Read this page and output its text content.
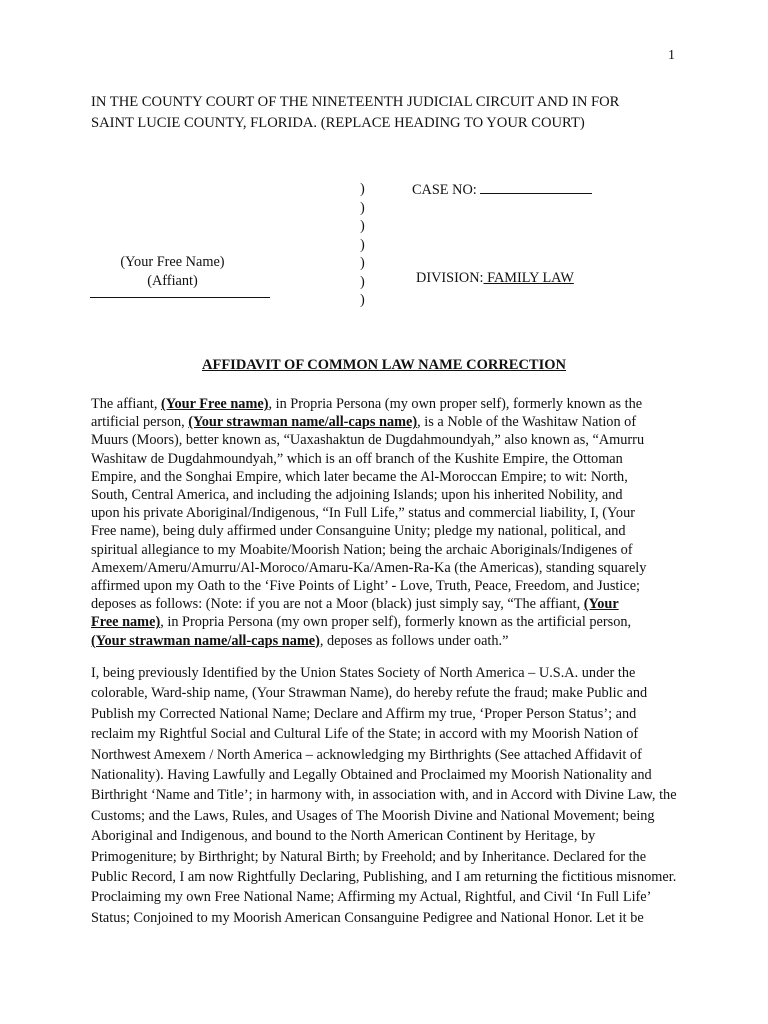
1
IN THE COUNTY COURT OF THE NINETEENTH JUDICIAL CIRCUIT AND IN FOR
SAINT LUCIE COUNTY, FLORIDA. (REPLACE HEADING TO YOUR COURT)
)
)
)
)
)
)
)
(Your Free Name)
(Affiant)
CASE NO:
DIVISION: FAMILY LAW
AFFIDAVIT OF COMMON LAW NAME CORRECTION
The affiant, (Your Free name), in Propria Persona (my own proper self), formerly known as the
artificial person, (Your strawman name/all-caps name), is a Noble of the Washitaw Nation of
Muurs (Moors), better known as, “Uaxashaktun de Dugdahmoundyah,” also known as, “Amurru
Washitaw de Dugdahmoundyah,” which is an off branch of the Kushite Empire, the Ottoman
Empire, and the Songhai Empire, which later became the Al-Moroccan Empire; to wit: North,
South, Central America, and including the adjoining Islands; upon his inherited Nobility, and
upon his private Aboriginal/Indigenous, “In Full Life,” status and commercial liability, I, (Your
Free name), being duly affirmed under Consanguine Unity; pledge my national, political, and
spiritual allegiance to my Moabite/Moorish Nation; being the archaic Aboriginals/Indigenes of
Amexem/Ameru/Amurru/Al-Moroco/Amaru-Ka/Amen-Ra-Ka (the Americas), standing squarely
affirmed upon my Oath to the ‘Five Points of Light’ - Love, Truth, Peace, Freedom, and Justice;
deposes as follows: (Note: if you are not a Moor (black) just simply say, “The affiant, (Your
Free name), in Propria Persona (my own proper self), formerly known as the artificial person,
(Your strawman name/all-caps name), deposes as follows under oath.”
I, being previously Identified by the Union States Society of North America – U.S.A. under the
colorable, Ward-ship name, (Your Strawman Name), do hereby refute the fraud; make Public and
Publish my Corrected National Name; Declare and Affirm my true, ‘Proper Person Status’; and
reclaim my Rightful Social and Cultural Life of the State; in accord with my Moorish Nation of
Northwest Amexem / North America – acknowledging my Birthrights (See attached Affidavit of
Nationality). Having Lawfully and Legally Obtained and Proclaimed my Moorish Nationality and
Birthright ‘Name and Title’; in harmony with, in association with, and in Accord with Divine Law, the
Customs; and the Laws, Rules, and Usages of The Moorish Divine and National Movement; being
Aboriginal and Indigenous, and bound to the North American Continent by Heritage, by
Primogeniture; by Birthright; by Natural Birth; by Freehold; and by Inheritance. Declared for the
Public Record, I am now Rightfully Declaring, Publishing, and I am returning the fictitious misnomer.
Proclaiming my own Free National Name; Affirming my Actual, Rightful, and Civil ‘In Full Life’
Status; Conjoined to my Moorish American Consanguine Pedigree and National Honor. Let it be
